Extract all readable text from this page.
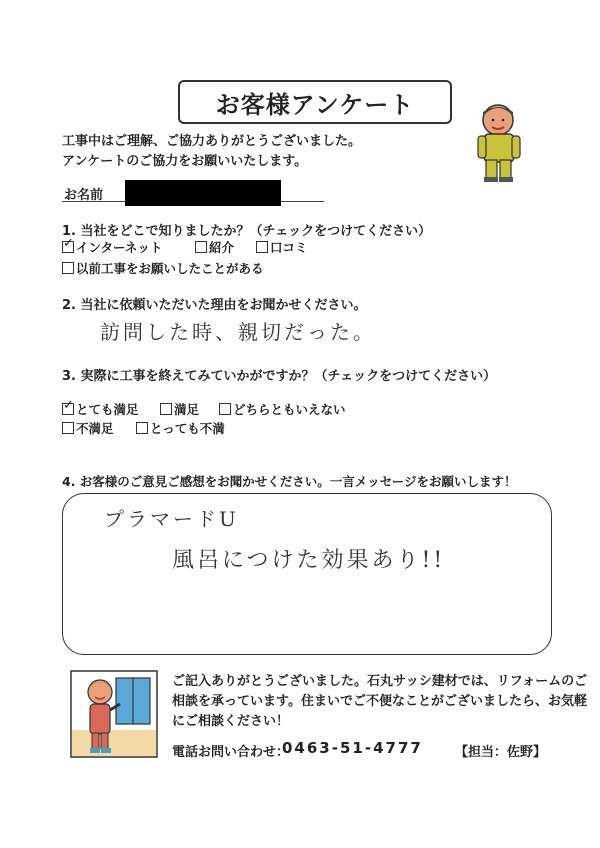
お客様アンケート
工事中はご理解、ご協力ありがとうございました。
アンケートのご協力をお願いいたします。
お名前
1. 当社をどこで知りましたか？（チェックをつけてください）
✓ インターネット	紹介	口コミ
以前工事をお願いしたことがある
2. 当社に依頼いただいた理由をお聞かせください。
訪問した時、親切だった。
3. 実際に工事を終えてみていかがですか？（チェックをつけてください）
✓ とても満足	満足	どちらともいえない
不満足	とっても不満
4. お客様のご意見ご感想をお聞かせください。一言メッセージをお願いします！
プラマードU
風呂につけた効果あり!!
ご記入ありがとうございました。石丸サッシ建材では、リフォームのご
相談を承っています。住まいでご不便なことがございましたら、お気軽
にご相談ください！
電話お問い合わせ：
0463-51-4777 【担当：佐野】
